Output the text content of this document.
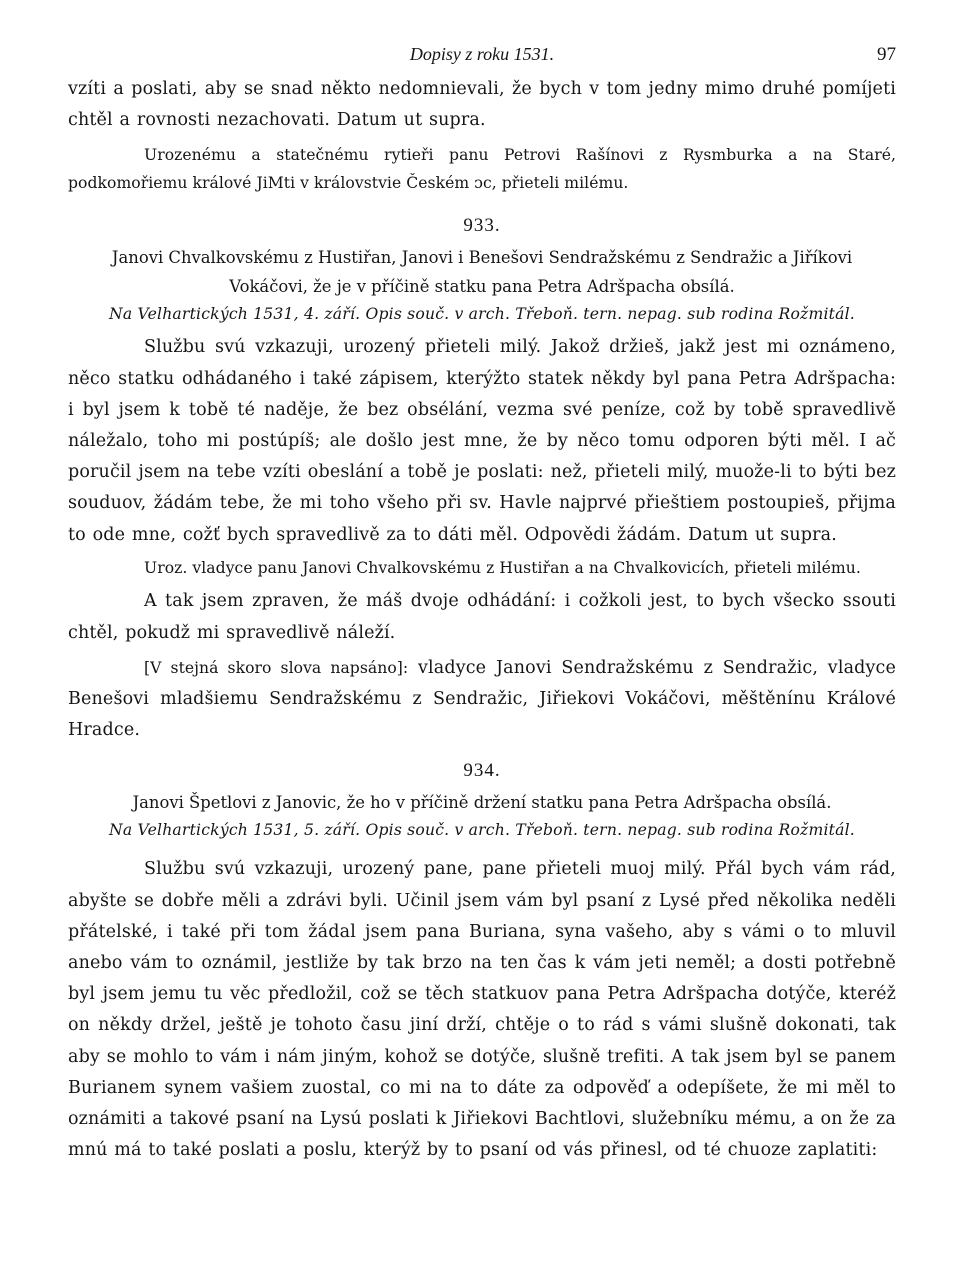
Dopisy z roku 1531.	97

vzíti a poslati, aby se snad někto nedomnievali, že bych v tom jedny mimo druhé pomíjeti chtěl a rovnosti nezachovati. Datum ut supra.

Urozenému a statečnému rytieři panu Petrovi Rašínovi z Rysmburka a na Staré, podkomořiemu králové JiMti v královstvie Českém ᴐc, přieteli milému.

933.

Janovi Chvalkovskému z Hustiřan, Janovi i Benešovi Sendražskému z Sendražic a Jiříkovi Vokáčovi, že je v příčině statku pana Petra Adršpacha obsílá.

Na Velhartických 1531, 4. září. Opis souč. v arch. Třeboň. tern. nepag. sub rodina Rožmitál.

Službu svú vzkazuji, urozený přieteli milý. Jakož držieš, jakž jest mi oznámeno, něco statku odhádaného i také zápisem, kterýžto statek někdy byl pana Petra Adršpacha: i byl jsem k tobě té naděje, že bez obsélání, vezma své peníze, což by tobě spravedlivě náležalo, toho mi postúpíš; ale došlo jest mne, že by něco tomu odporen býti měl. I ač poručil jsem na tebe vzíti obeslání a tobě je poslati: než, přieteli milý, muože-li to býti bez souduov, žádám tebe, že mi toho všeho při sv. Havle najprvé přieštiem postoupieš, přijma to ode mne, cožť bych spravedlivě za to dáti měl. Odpovědi žádám. Datum ut supra.

Uroz. vladyce panu Janovi Chvalkovskému z Hustiřan a na Chvalkovicích, přieteli milému.

A tak jsem zpraven, že máš dvoje odhádání: i cožkoli jest, to bych všecko ssouti chtěl, pokudž mi spravedlivě náleží.

[V stejná skoro slova napsáno]: vladyce Janovi Sendražskému z Sendražic, vladyce Benešovi mladšiemu Sendražskému z Sendražic, Jiřiekovi Vokáčovi, měštěnínu Králové Hradce.

934.

Janovi Špetlovi z Janovic, že ho v příčině držení statku pana Petra Adršpacha obsílá.

Na Velhartických 1531, 5. září. Opis souč. v arch. Třeboň. tern. nepag. sub rodina Rožmitál.

Službu svú vzkazuji, urozený pane, pane přieteli muoj milý. Přál bych vám rád, abyšte se dobře měli a zdrávi byli. Učinil jsem vám byl psaní z Lysé před několika neděli přátelské, i také při tom žádal jsem pana Buriana, syna vašeho, aby s vámi o to mluvil anebo vám to oznámil, jestliže by tak brzo na ten čas k vám jeti neměl; a dosti potřebně byl jsem jemu tu věc předložil, což se těch statkuov pana Petra Adršpacha dotýče, kteréž on někdy držel, ještě je tohoto času jiní drží, chtěje o to rád s vámi slušně dokonati, tak aby se mohlo to vám i nám jiným, kohož se dotýče, slušně trefiti. A tak jsem byl se panem Burianem synem vašiem zuostal, co mi na to dáte za odpověď a odepíšete, že mi měl to oznámiti a takové psaní na Lysú poslati k Jiřiekovi Bachtlovi, služebníku mému, a on že za mnú má to také poslati a poslu, kterýž by to psaní od vás přinesl, od té chuoze zaplatiti:
